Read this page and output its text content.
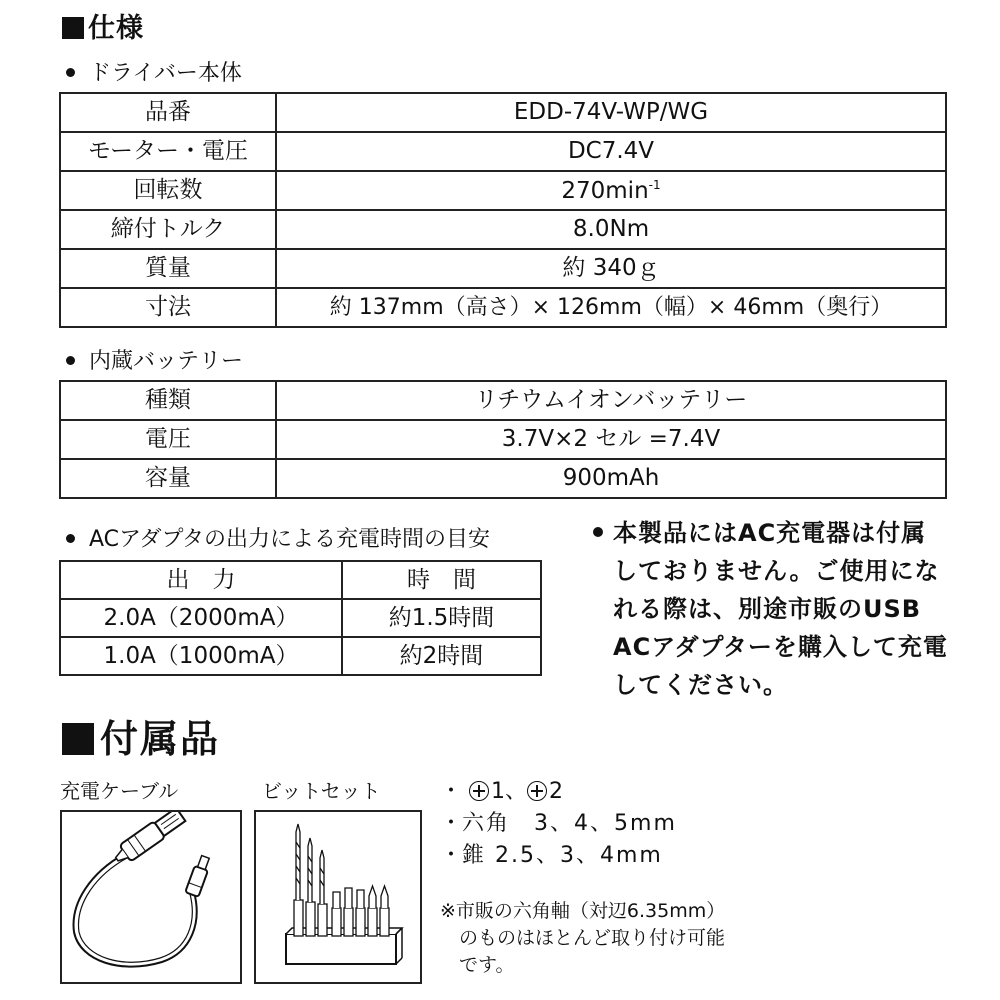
仕様
ドライバー本体
品番	EDD-74V-WP/WG
モーター・電圧	DC7.4V
回転数	$270\min^{-1}$
締付トルク	8.0Nm
質量	約 340ｇ
寸法	約 137mm（高さ）× 126mm（幅）× 46mm（奥行）
内蔵バッテリー
種類	リチウムイオンバッテリー
電圧	3.7V×2 セル =7.4V
容量	900mAh
ACアダプタの出力による充電時間の目安
出　力	時　間
2.0A（2000mA）	約1.5時間
1.0A（1000mA）	約2時間
本製品にはAC充電器は付属
しておりません。ご使用にな
れる際は、別途市販のUSB
ACアダプターを購入して充電
してください。
付属品
充電ケーブル	ビットセット	・ 1、 2
・六角　3、4、5mm
・錐 2.5、3、4mm
※市販の六角軸（対辺6.35mm）
　のものはほとんど取り付け可能
　です。
